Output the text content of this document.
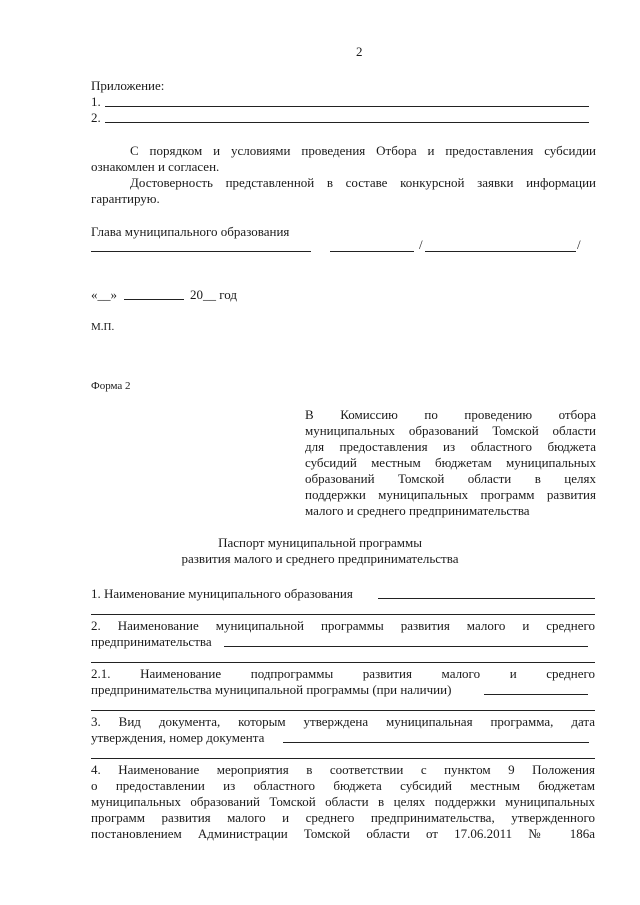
2
Приложение:
1.
2.
С порядком и условиями проведения Отбора и предоставления субсидии
ознакомлен и согласен.
Достоверность представленной в составе конкурсной заявки информации
гарантирую.
Глава муниципального образования
/	/
«__»	20__ год
М.П.
Форма 2
В Комиссию по проведению отбора
муниципальных образований Томской области
для предоставления из областного бюджета
субсидий местным бюджетам муниципальных
образований Томской области в целях
поддержки муниципальных программ развития
малого и среднего предпринимательства
Паспорт муниципальной программы
развития малого и среднего предпринимательства
1. Наименование муниципального образования
2. Наименование муниципальной программы развития малого и среднего
предпринимательства
2.1. Наименование подпрограммы развития малого и среднего
предпринимательства муниципальной программы (при наличии)
3. Вид документа, которым утверждена муниципальная программа, дата
утверждения, номер документа
4. Наименование мероприятия в соответствии с пунктом 9 Положения
о предоставлении из областного бюджета субсидий местным бюджетам
муниципальных образований Томской области в целях поддержки муниципальных
программ развития малого и среднего предпринимательства, утвержденного
постановлением Администрации Томской области от 17.06.2011 № 186а
